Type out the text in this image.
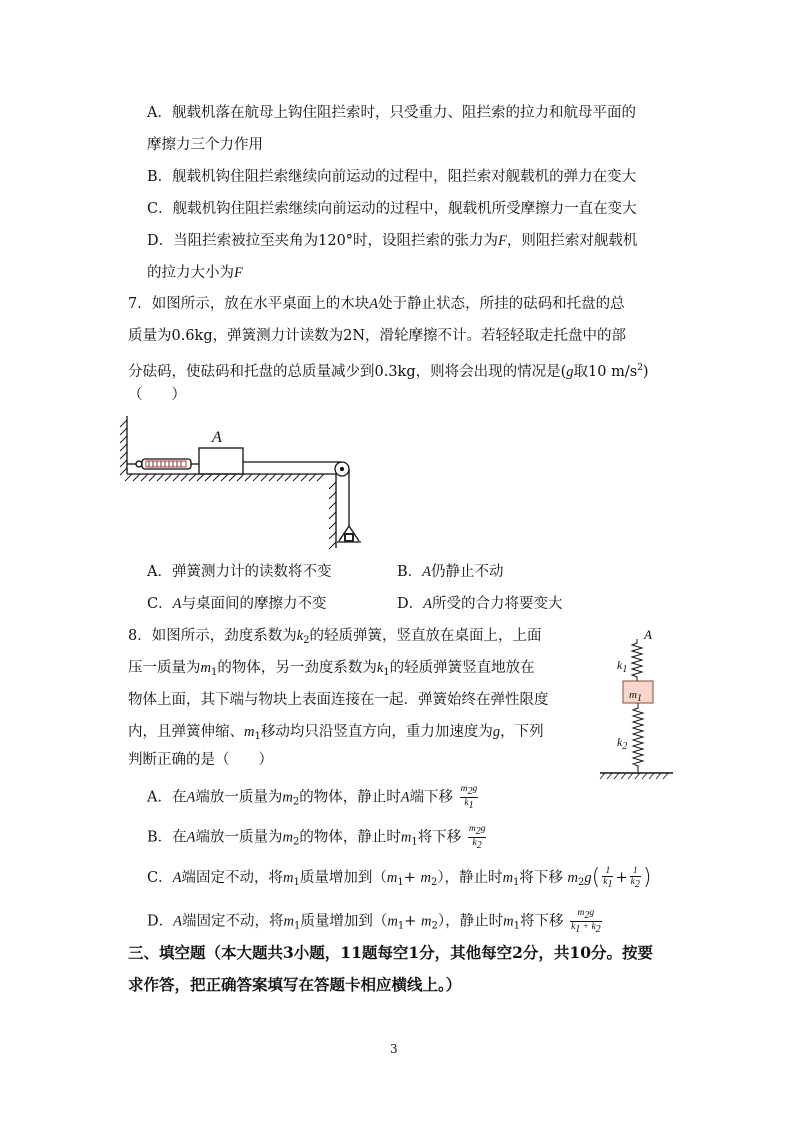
A．舰载机落在航母上钩住阻拦索时，只受重力、阻拦索的拉力和航母平面的
摩擦力三个力作用
B．舰载机钩住阻拦索继续向前运动的过程中，阻拦索对舰载机的弹力在变大
C．舰载机钩住阻拦索继续向前运动的过程中，舰载机所受摩擦力一直在变大
D．当阻拦索被拉至夹角为120°时，设阻拦索的张力为F，则阻拦索对舰载机
的拉力大小为F
7．如图所示，放在水平桌面上的木块A处于静止状态，所挂的砝码和托盘的总
质量为0.6kg，弹簧测力计读数为2N，滑轮摩擦不计。若轻轻取走托盘中的部
分砝码，使砝码和托盘的总质量减少到0.3kg，则将会出现的情况是(g取10 $m/s^2$)
（　　）
A
A．弹簧测力计的读数将不变	B．A仍静止不动
C．A与桌面间的摩擦力不变	D．A所受的合力将要变大
8．如图所示，劲度系数为$k_2$的轻质弹簧，竖直放在桌面上，上面
压一质量为$m_1$的物体，另一劲度系数为$k_1$的轻质弹簧竖直地放在
物体上面，其下端与物块上表面连接在一起．弹簧始终在弹性限度
内，且弹簧伸缩、$m_1$移动均只沿竖直方向，重力加速度为g，下列
判断正确的是（　　）
A
$k_1$
$m_1$
$k_2$
A．在A端放一质量为$m_2$的物体，静止时A端下移 $\frac{m_2g}{k_1}$
B．在A端放一质量为$m_2$的物体，静止时$m_1$将下移 $\frac{m_2g}{k_2}$
C．A端固定不动，将$m_1$质量增加到$(m_1+ m_2)$，静止时$m_1$将下移 $m_2g( \frac{1}{k_1} + \frac{1}{k_2}$ )
D．A端固定不动，将$m_1$质量增加到$(m_1+ m_2)$，静止时$m_1$将下移 $\frac{m_2g}{k_1 + k_2}$
三、填空题（本大题共3小题，11题每空1分，其他每空2分，共10分。按要
求作答，把正确答案填写在答题卡相应横线上。）
3
